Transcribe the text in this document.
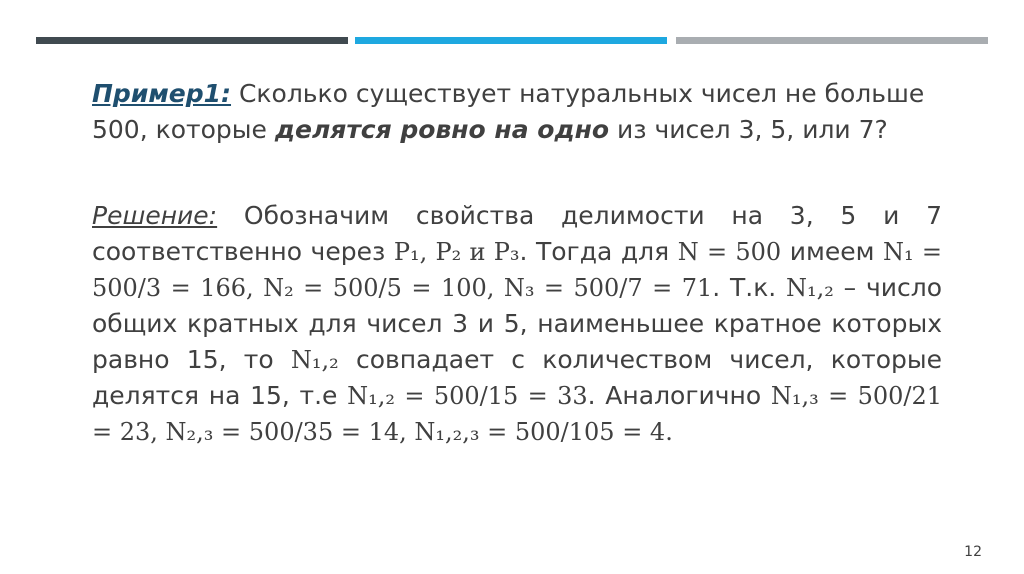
Пример1: Сколько существует натуральных чисел не больше 500, которые делятся ровно на одно из чисел 3, 5, или 7?
Решение: Обозначим свойства делимости на 3, 5 и 7 соответственно через P₁, P₂ и P₃. Тогда для N = 500 имеем N₁ = 500/3 = 166, N₂ = 500/5 = 100, N₃ = 500/7 = 71. Т.к. N₁,₂ – число общих кратных для чисел 3 и 5, наименьшее кратное которых равно 15, то N₁,₂ совпадает с количеством чисел, которые делятся на 15, т.е N₁,₂ = 500/15 = 33. Аналогично N₁,₃ = 500/21 = 23, N₂,₃ = 500/35 = 14, N₁,₂,₃ = 500/105 = 4.
12
